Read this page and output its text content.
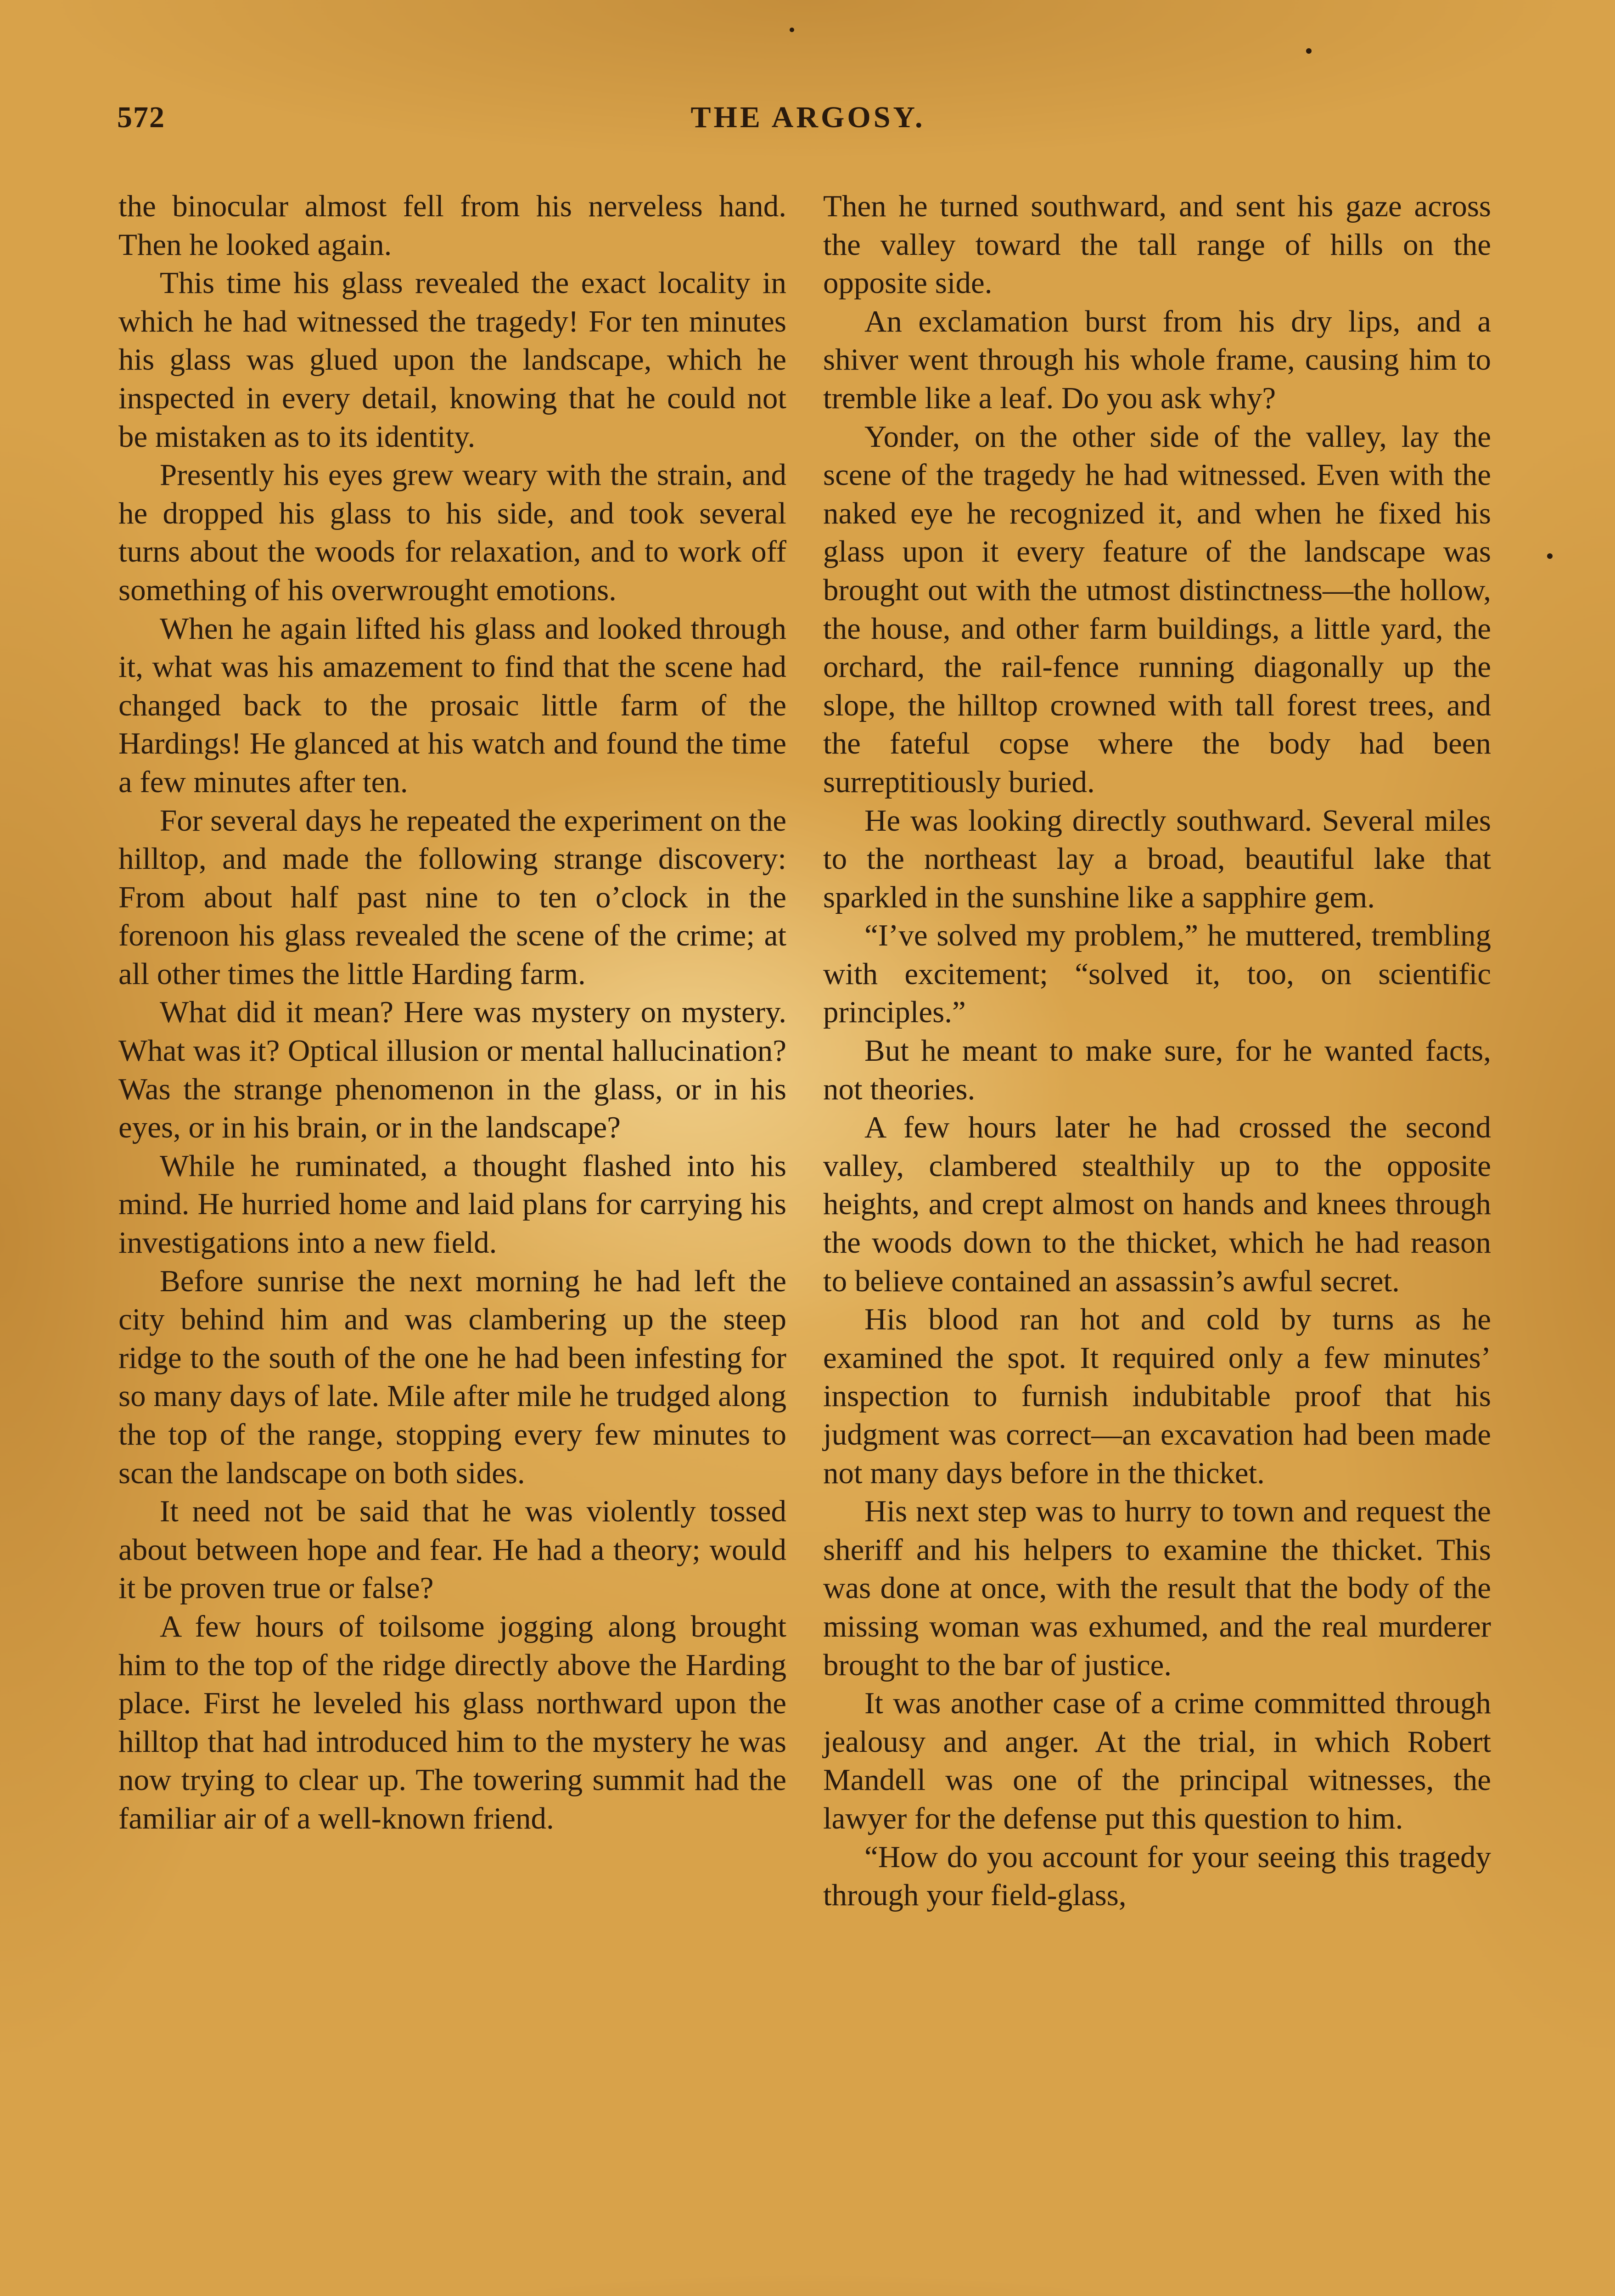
572	THE ARGOSY.

the binocular almost fell from his nerveless hand. Then he looked again.

This time his glass revealed the exact locality in which he had witnessed the tragedy! For ten minutes his glass was glued upon the landscape, which he inspected in every detail, knowing that he could not be mistaken as to its identity.

Presently his eyes grew weary with the strain, and he dropped his glass to his side, and took several turns about the woods for relaxation, and to work off something of his overwrought emotions.

When he again lifted his glass and looked through it, what was his amazement to find that the scene had changed back to the prosaic little farm of the Hardings! He glanced at his watch and found the time a few minutes after ten.

For several days he repeated the experiment on the hilltop, and made the following strange discovery: From about half past nine to ten o’clock in the forenoon his glass revealed the scene of the crime; at all other times the little Harding farm.

What did it mean? Here was mystery on mystery. What was it? Optical illusion or mental hallucination? Was the strange phenomenon in the glass, or in his eyes, or in his brain, or in the landscape?

While he ruminated, a thought flashed into his mind. He hurried home and laid plans for carrying his investigations into a new field.

Before sunrise the next morning he had left the city behind him and was clambering up the steep ridge to the south of the one he had been infesting for so many days of late. Mile after mile he trudged along the top of the range, stopping every few minutes to scan the landscape on both sides.

It need not be said that he was violently tossed about between hope and fear. He had a theory; would it be proven true or false?

A few hours of toilsome jogging along brought him to the top of the ridge directly above the Harding place. First he leveled his glass northward upon the hilltop that had introduced him to the mystery he was now trying to clear up. The towering summit had the familiar air of a well-known friend.

Then he turned southward, and sent his gaze across the valley toward the tall range of hills on the opposite side.

An exclamation burst from his dry lips, and a shiver went through his whole frame, causing him to tremble like a leaf. Do you ask why?

Yonder, on the other side of the valley, lay the scene of the tragedy he had witnessed. Even with the naked eye he recognized it, and when he fixed his glass upon it every feature of the landscape was brought out with the utmost distinctness—the hollow, the house, and other farm buildings, a little yard, the orchard, the rail-fence running diagonally up the slope, the hilltop crowned with tall forest trees, and the fateful copse where the body had been surreptitiously buried.

He was looking directly southward. Several miles to the northeast lay a broad, beautiful lake that sparkled in the sunshine like a sapphire gem.

“I’ve solved my problem,” he muttered, trembling with excitement; “solved it, too, on scientific principles.”

But he meant to make sure, for he wanted facts, not theories.

A few hours later he had crossed the second valley, clambered stealthily up to the opposite heights, and crept almost on hands and knees through the woods down to the thicket, which he had reason to believe contained an assassin’s awful secret.

His blood ran hot and cold by turns as he examined the spot. It required only a few minutes’ inspection to furnish indubitable proof that his judgment was correct—an excavation had been made not many days before in the thicket.

His next step was to hurry to town and request the sheriff and his helpers to examine the thicket. This was done at once, with the result that the body of the missing woman was exhumed, and the real murderer brought to the bar of justice.

It was another case of a crime committed through jealousy and anger. At the trial, in which Robert Mandell was one of the principal witnesses, the lawyer for the defense put this question to him.

“How do you account for your seeing this tragedy through your field-glass,
